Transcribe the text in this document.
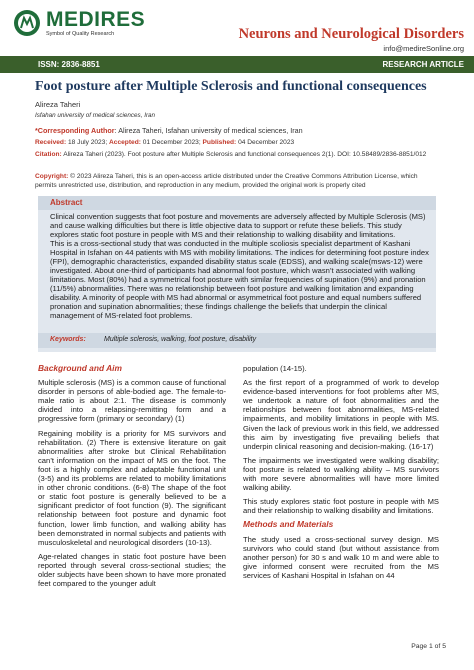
MEDIRES
Symbol of Quality Research	Neurons and Neurological Disorders
info@medireSonline.org
ISSN: 2836-8851	RESEARCH ARTICLE
Foot posture after Multiple Sclerosis and functional consequences
Alireza Taheri
Isfahan university of medical sciences, Iran
*Corresponding Author: Alireza Taheri, Isfahan university of medical sciences, Iran
Received: 18 July 2023; Accepted: 01 December 2023; Published: 04 December 2023
Citation: Alireza Taheri (2023). Foot posture after Multiple Sclerosis and functional consequences 2(1). DOI: 10.58489/2836-8851/012
Copyright: © 2023 Alireza Taheri, this is an open-access article distributed under the Creative Commons Attribution License, which permits unrestricted use, distribution, and reproduction in any medium, provided the original work is properly cited
Abstract

Clinical convention suggests that foot posture and movements are adversely affected by Multiple Sclerosis (MS) and cause walking difficulties but there is little objective data to support or refute these beliefs. This study explores static foot posture in people with MS and their relationship to walking disability and limitations.

This is a cross-sectional study that was conducted in the multiple scoliosis specialist department of Kashani Hospital in Isfahan on 44 patients with MS with mobility limitations. The indices for determining foot posture index (FPI), demographic characteristics, expanded disability status scale (EDSS), and walking scale(msws-12) were investigated. About one-third of participants had abnormal foot posture, which wasn’t associated with walking limitations. Most (80%) had a symmetrical foot posture with similar frequencies of supination (9%) and pronation (11/5%) abnormalities. There was no relationship between foot posture and walking limitation and expanding disability. A minority of people with MS had abnormal or asymmetrical foot posture and equal numbers suffered pronation and supination abnormalities; these findings challenge the beliefs that underpin the clinical management of MS-related foot problems.

Keywords:	Multiple sclerosis, walking, foot posture, disability
Background and Aim

Multiple sclerosis (MS) is a common cause of functional disorder in persons of able-bodied age. The female-to-male ratio is about 2:1. The disease is commonly divided into a relapsing-remitting form and a progressive form (primary or secondary) (1)

Regaining mobility is a priority for MS survivors and rehabilitation. (2) There is extensive literature on gait abnormalities after stroke but Clinical Rehabilitation can’t information on the impact of MS on the foot. The foot is a highly complex and adaptable functional unit (3-5) and its problems are related to mobility limitations in other chronic conditions. (6-8) The shape of the foot or static foot posture is generally believed to be a significant predictor of foot function (9). The significant relationship between foot posture and dynamic foot function, lower limb function, and walking ability has been demonstrated in normal subjects and patients with musculoskeletal and neurological disorders (10-13).

Age-related changes in static foot posture have been reported through several cross-sectional studies; the older subjects have been shown to have more pronated feet compared to the younger adult

population (14-15).

As the first report of a programmed of work to develop evidence-based interventions for foot problems after MS, we undertook a nature of foot abnormalities and the relationships between foot abnormalities, MS-related impairments, and mobility limitations in people with MS. Given the lack of previous work in this field, we addressed this aim by investigating five prevailing beliefs that underpin clinical reasoning and decision-making. (16-17)

The impairments we investigated were walking disability; foot posture is related to walking ability – MS survivors with more severe abnormalities will have more limited walking ability.

This study explores static foot posture in people with MS and their relationship to walking disability and limitations.

Methods and Materials

The study used a cross-sectional survey design. MS survivors who could stand (but without assistance from another person) for 30 s and walk 10 m and were able to give informed consent were recruited from the MS services of Kashani Hospital in Isfahan on 44

Page 1 of 5
